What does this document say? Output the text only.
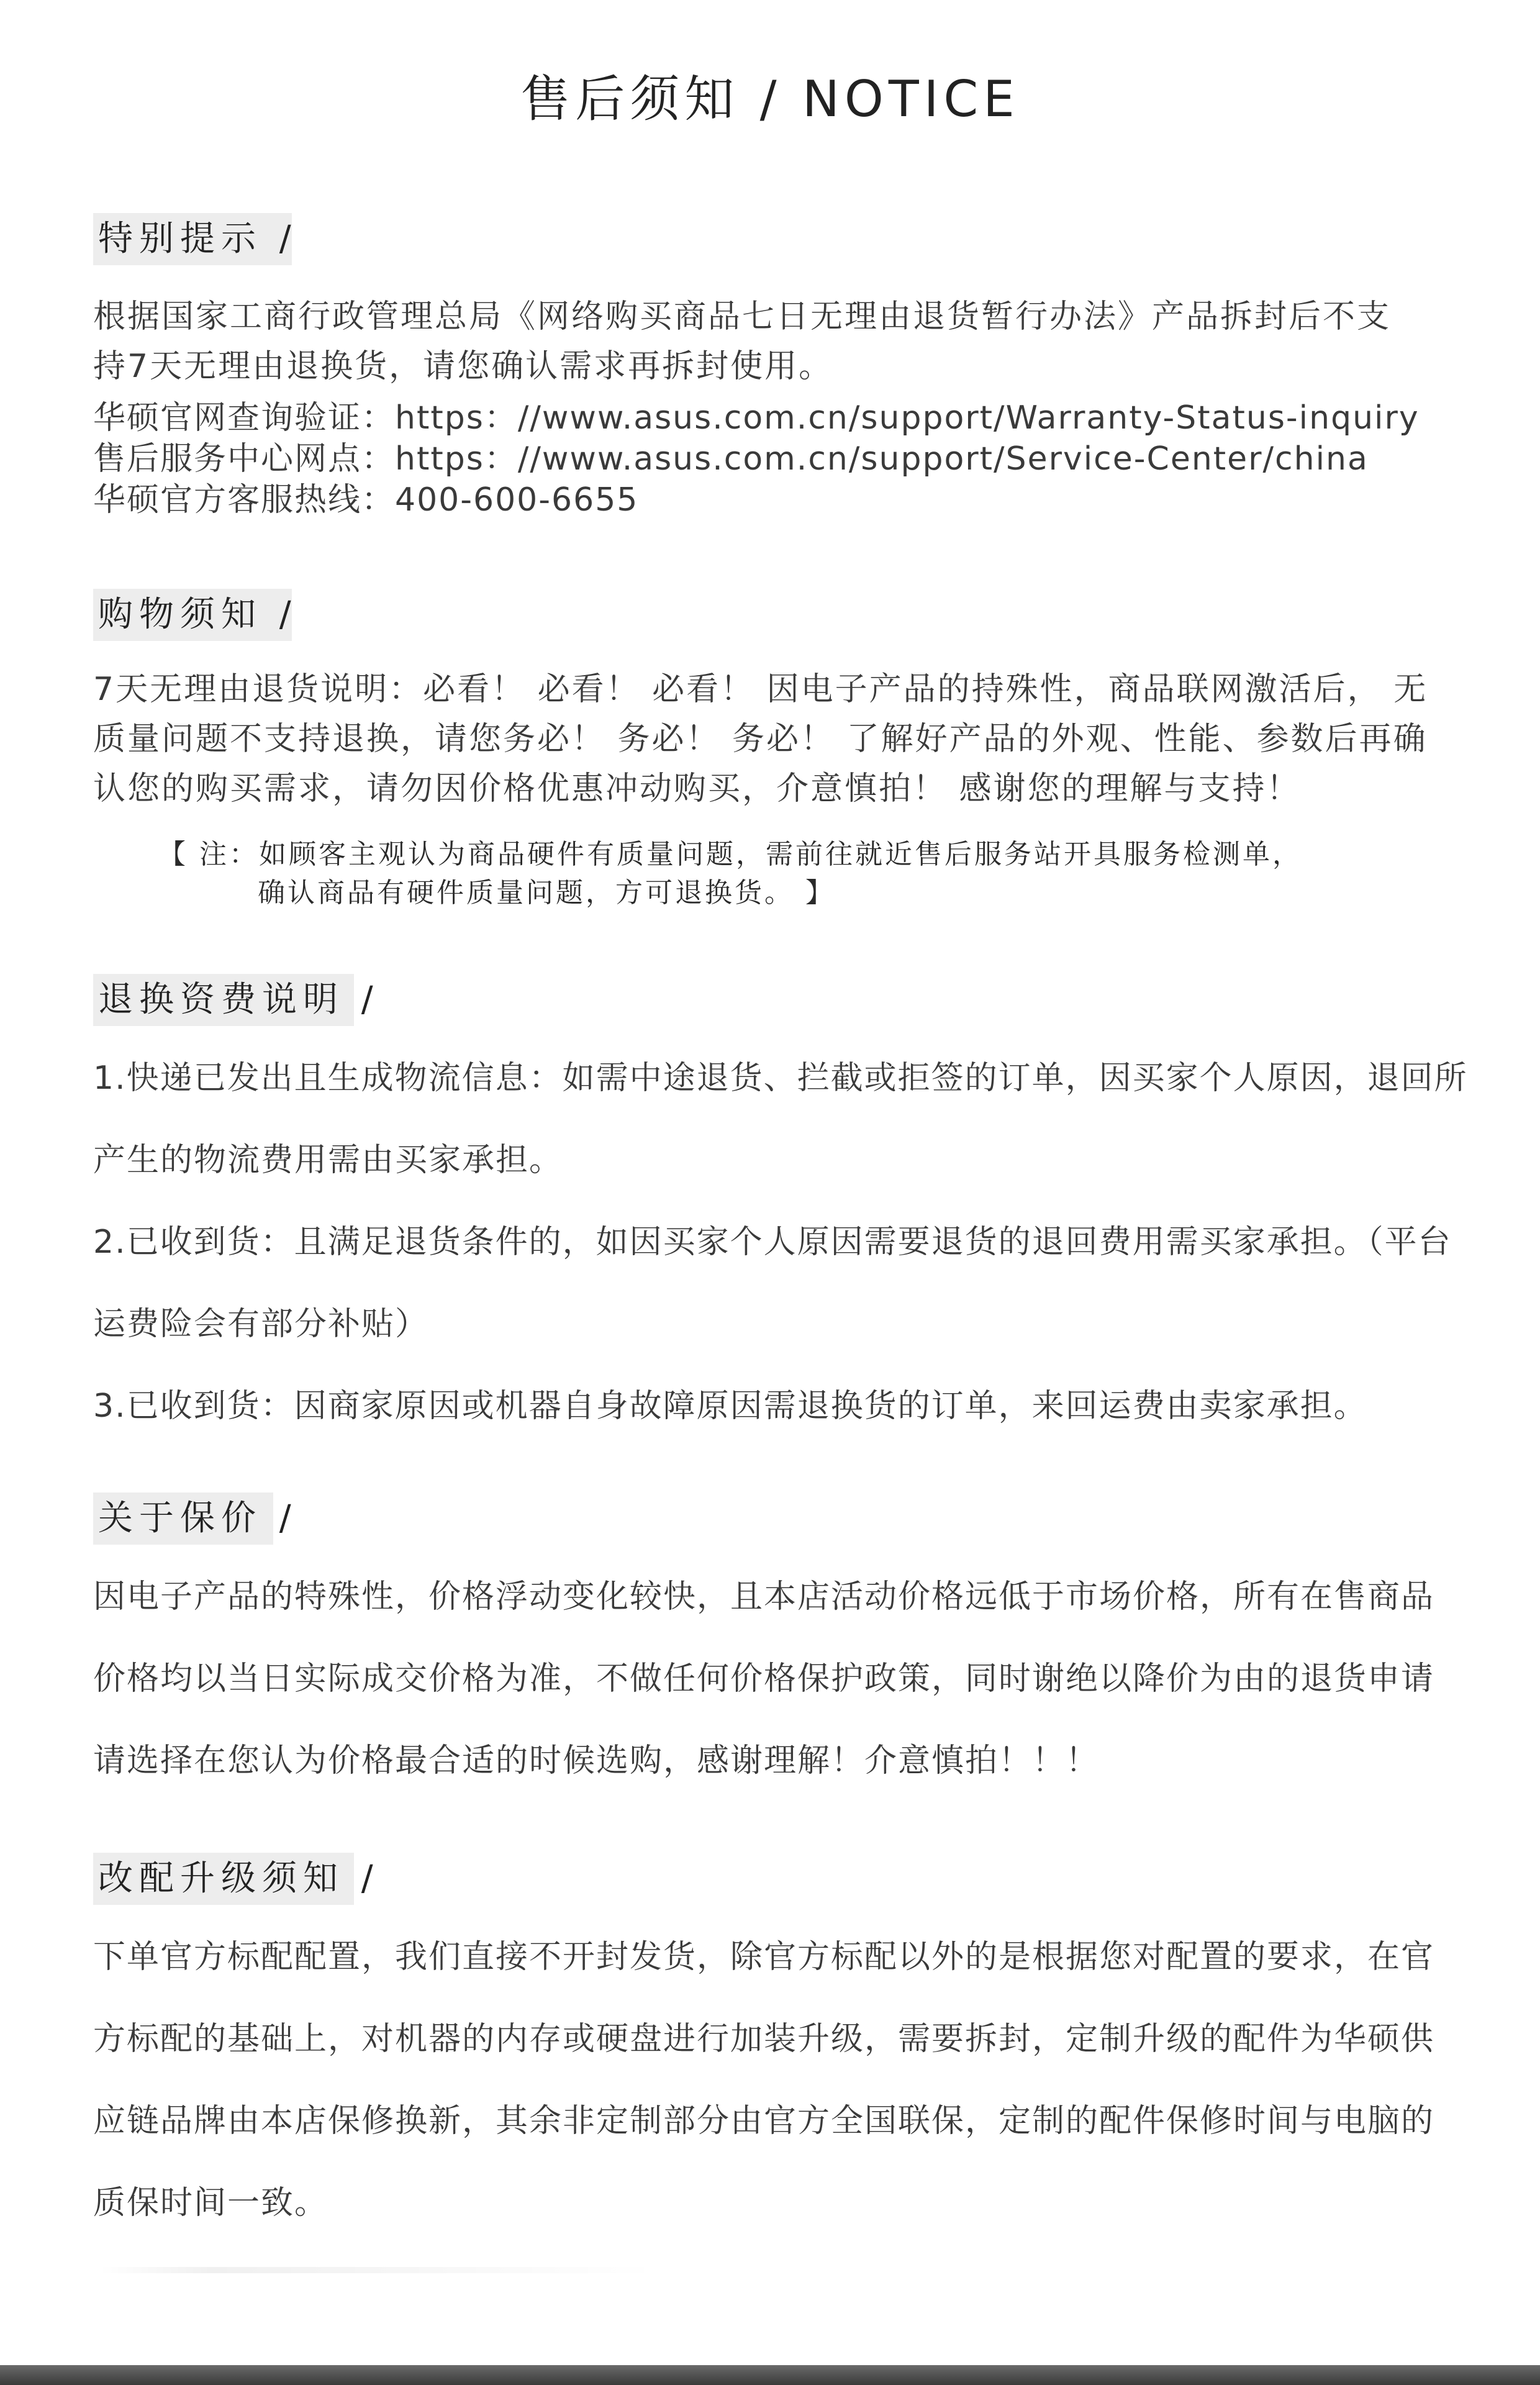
售后须知 / NOTICE
特别提示 /
根据国家工商行政管理总局《网络购买商品七日无理由退货暂行办法》产品拆封后不支
持7天无理由退换货，请您确认需求再拆封使用。
华硕官网查询验证：https：//www.asus.com.cn/support/Warranty-Status-inquiry
售后服务中心网点：https：//www.asus.com.cn/support/Service-Center/china
华硕官方客服热线：400-600-6655
购物须知 /
7天无理由退货说明：必看！ 必看！ 必看！ 因电子产品的持殊性，商品联网激活后， 无
质量问题不支持退换，请您务必！ 务必！ 务必！ 了解好产品的外观、性能、参数后再确
认您的购买需求，请勿因价格优惠冲动购买，介意慎拍！ 感谢您的理解与支持！
【 注：如顾客主观认为商品硬件有质量问题，需前往就近售后服务站开具服务检测单，
确认商品有硬件质量问题，方可退换货。 】
退换资费说明 /
1.快递已发出且生成物流信息：如需中途退货、拦截或拒签的订单，因买家个人原因，退回所
产生的物流费用需由买家承担。
2.已收到货：且满足退货条件的，如因买家个人原因需要退货的退回费用需买家承担。（平台
运费险会有部分补贴）
3.已收到货：因商家原因或机器自身故障原因需退换货的订单，来回运费由卖家承担。
关于保价 /
因电子产品的特殊性，价格浮动变化较快，且本店活动价格远低于市场价格，所有在售商品
价格均以当日实际成交价格为准，不做任何价格保护政策，同时谢绝以降价为由的退货申请
请选择在您认为价格最合适的时候选购，感谢理解！介意慎拍！！！
改配升级须知 /
下单官方标配配置，我们直接不开封发货，除官方标配以外的是根据您对配置的要求，在官
方标配的基础上，对机器的内存或硬盘进行加装升级，需要拆封，定制升级的配件为华硕供
应链品牌由本店保修换新，其余非定制部分由官方全国联保，定制的配件保修时间与电脑的
质保时间一致。
